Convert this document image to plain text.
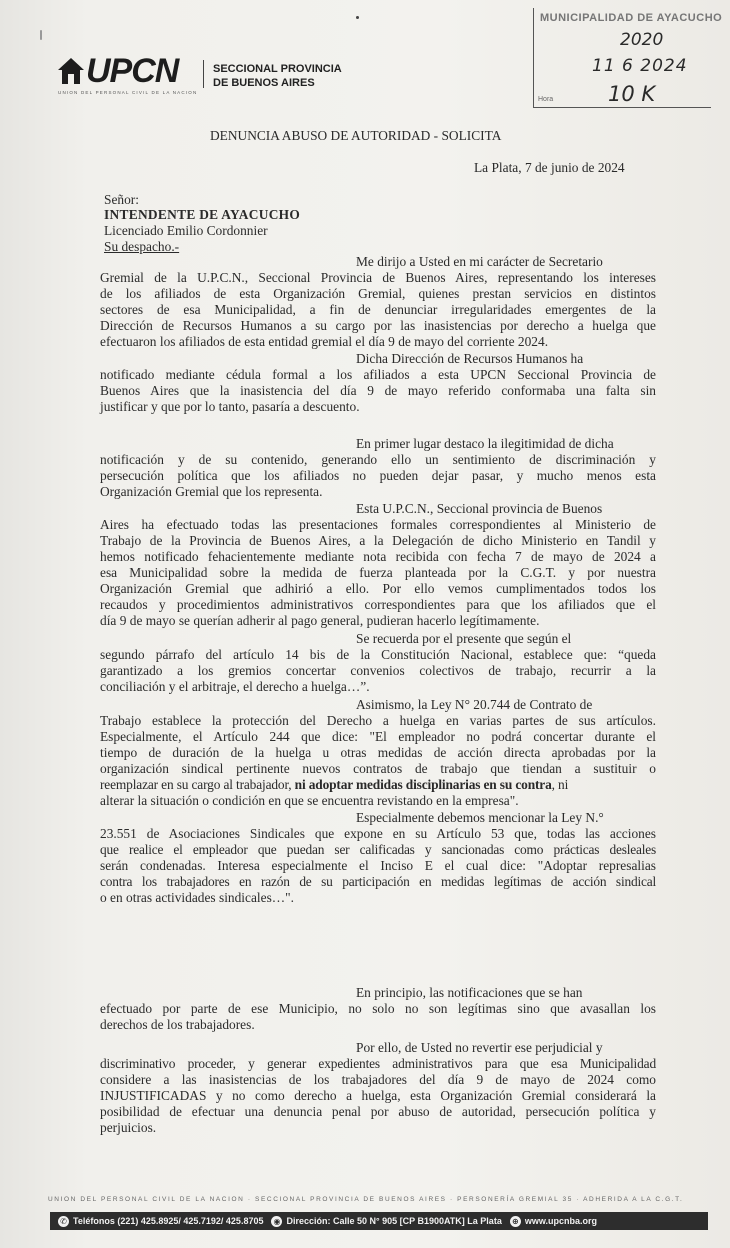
UPCN
UNION DEL PERSONAL CIVIL DE LA NACION
SECCIONAL PROVINCIA
DE BUENOS AIRES
MUNICIPALIDAD DE AYACUCHO
2020
11 6 2024
10 K
Hora
DENUNCIA ABUSO DE AUTORIDAD - SOLICITA
La Plata, 7 de junio de 2024
Señor:
INTENDENTE DE AYACUCHO
Licenciado Emilio Cordonnier
Su despacho.-
Me dirijo a Usted en mi carácter de Secretario
Gremial de la U.P.C.N., Seccional Provincia de Buenos Aires, representando los intereses
de los afiliados de esta Organización Gremial, quienes prestan servicios en distintos
sectores de esa Municipalidad, a fin de denunciar irregularidades emergentes de la
Dirección de Recursos Humanos a su cargo por las inasistencias por derecho a huelga que
efectuaron los afiliados de esta entidad gremial el día 9 de mayo del corriente 2024.
Dicha Dirección de Recursos Humanos ha
notificado mediante cédula formal a los afiliados a esta UPCN Seccional Provincia de
Buenos Aires que la inasistencia del día 9 de mayo referido conformaba una falta sin
justificar y que por lo tanto, pasaría a descuento.
En primer lugar destaco la ilegitimidad de dicha
notificación y de su contenido, generando ello un sentimiento de discriminación y
persecución política que los afiliados no pueden dejar pasar, y mucho menos esta
Organización Gremial que los representa.
Esta U.P.C.N., Seccional provincia de Buenos
Aires ha efectuado todas las presentaciones formales correspondientes al Ministerio de
Trabajo de la Provincia de Buenos Aires, a la Delegación de dicho Ministerio en Tandil y
hemos notificado fehacientemente mediante nota recibida con fecha 7 de mayo de 2024 a
esa Municipalidad sobre la medida de fuerza planteada por la C.G.T. y por nuestra
Organización Gremial que adhirió a ello. Por ello vemos cumplimentados todos los
recaudos y procedimientos administrativos correspondientes para que los afiliados que el
día 9 de mayo se querían adherir al pago general, pudieran hacerlo legítimamente.
Se recuerda por el presente que según el
segundo párrafo del artículo 14 bis de la Constitución Nacional, establece que: “queda
garantizado a los gremios concertar convenios colectivos de trabajo, recurrir a la
conciliación y el arbitraje, el derecho a huelga…”.
Asimismo, la Ley N° 20.744 de Contrato de
Trabajo establece la protección del Derecho a huelga en varias partes de sus artículos.
Especialmente, el Artículo 244 que dice: "El empleador no podrá concertar durante el
tiempo de duración de la huelga u otras medidas de acción directa aprobadas por la
organización sindical pertinente nuevos contratos de trabajo que tiendan a sustituir o
reemplazar en su cargo al trabajador, ni adoptar medidas disciplinarias en su contra, ni
alterar la situación o condición en que se encuentra revistando en la empresa".
Especialmente debemos mencionar la Ley N.°
23.551 de Asociaciones Sindicales que expone en su Artículo 53 que, todas las acciones
que realice el empleador que puedan ser calificadas y sancionadas como prácticas desleales
serán condenadas. Interesa especialmente el Inciso E el cual dice: "Adoptar represalias
contra los trabajadores en razón de su participación en medidas legítimas de acción sindical
o en otras actividades sindicales…".
En principio, las notificaciones que se han
efectuado por parte de ese Municipio, no solo no son legítimas sino que avasallan los
derechos de los trabajadores.
Por ello, de Usted no revertir ese perjudicial y
discriminativo proceder, y generar expedientes administrativos para que esa Municipalidad
considere a las inasistencias de los trabajadores del día 9 de mayo de 2024 como
INJUSTIFICADAS y no como derecho a huelga, esta Organización Gremial considerará la
posibilidad de efectuar una denuncia penal por abuso de autoridad, persecución política y
perjuicios.
UNION DEL PERSONAL CIVIL DE LA NACION · SECCIONAL PROVINCIA DE BUENOS AIRES · PERSONERÍA GREMIAL 35 · ADHERIDA A LA C.G.T.
✆ Teléfonos (221) 425.8925/ 425.7192/ 425.8705 ◉ Dirección: Calle 50 N° 905 [CP B1900ATK] La Plata ⊕ www.upcnba.org
